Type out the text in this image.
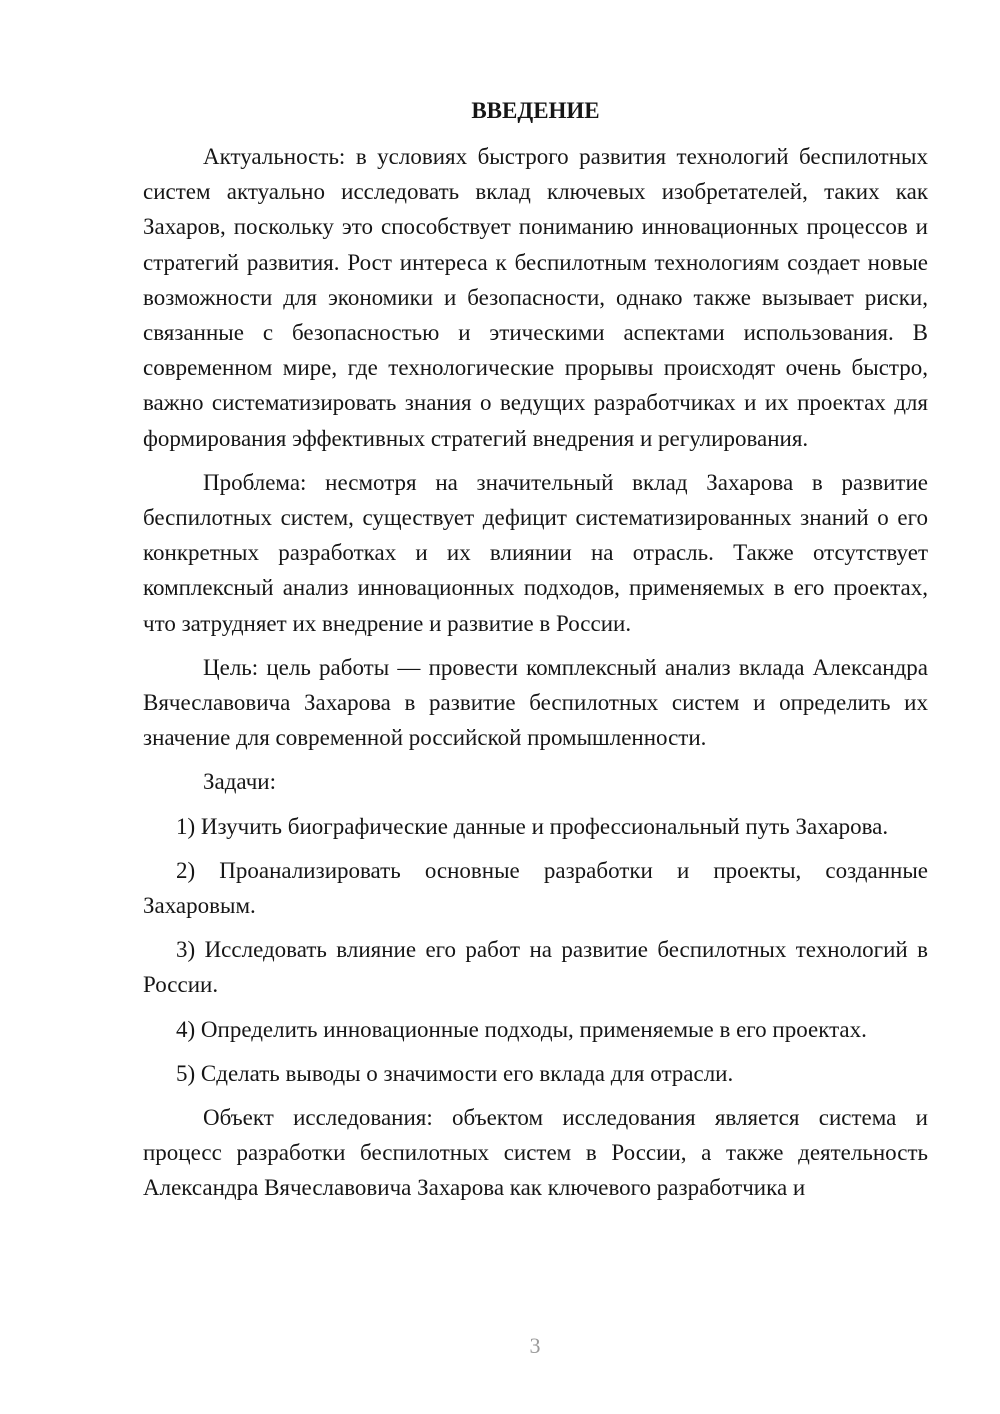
ВВЕДЕНИЕ

Актуальность: в условиях быстрого развития технологий беспилотных систем актуально исследовать вклад ключевых изобретателей, таких как Захаров, поскольку это способствует пониманию инновационных процессов и стратегий развития. Рост интереса к беспилотным технологиям создает новые возможности для экономики и безопасности, однако также вызывает риски, связанные с безопасностью и этическими аспектами использования. В современном мире, где технологические прорывы происходят очень быстро, важно систематизировать знания о ведущих разработчиках и их проектах для формирования эффективных стратегий внедрения и регулирования.

Проблема: несмотря на значительный вклад Захарова в развитие беспилотных систем, существует дефицит систематизированных знаний о его конкретных разработках и их влиянии на отрасль. Также отсутствует комплексный анализ инновационных подходов, применяемых в его проектах, что затрудняет их внедрение и развитие в России.

Цель: цель работы — провести комплексный анализ вклада Александра Вячеславовича Захарова в развитие беспилотных систем и определить их значение для современной российской промышленности.

Задачи:

1) Изучить биографические данные и профессиональный путь Захарова.

2) Проанализировать основные разработки и проекты, созданные Захаровым.

3) Исследовать влияние его работ на развитие беспилотных технологий в России.

4) Определить инновационные подходы, применяемые в его проектах.

5) Сделать выводы о значимости его вклада для отрасли.

Объект исследования: объектом исследования является система и процесс разработки беспилотных систем в России, а также деятельность Александра Вячеславовича Захарова как ключевого разработчика и

3
